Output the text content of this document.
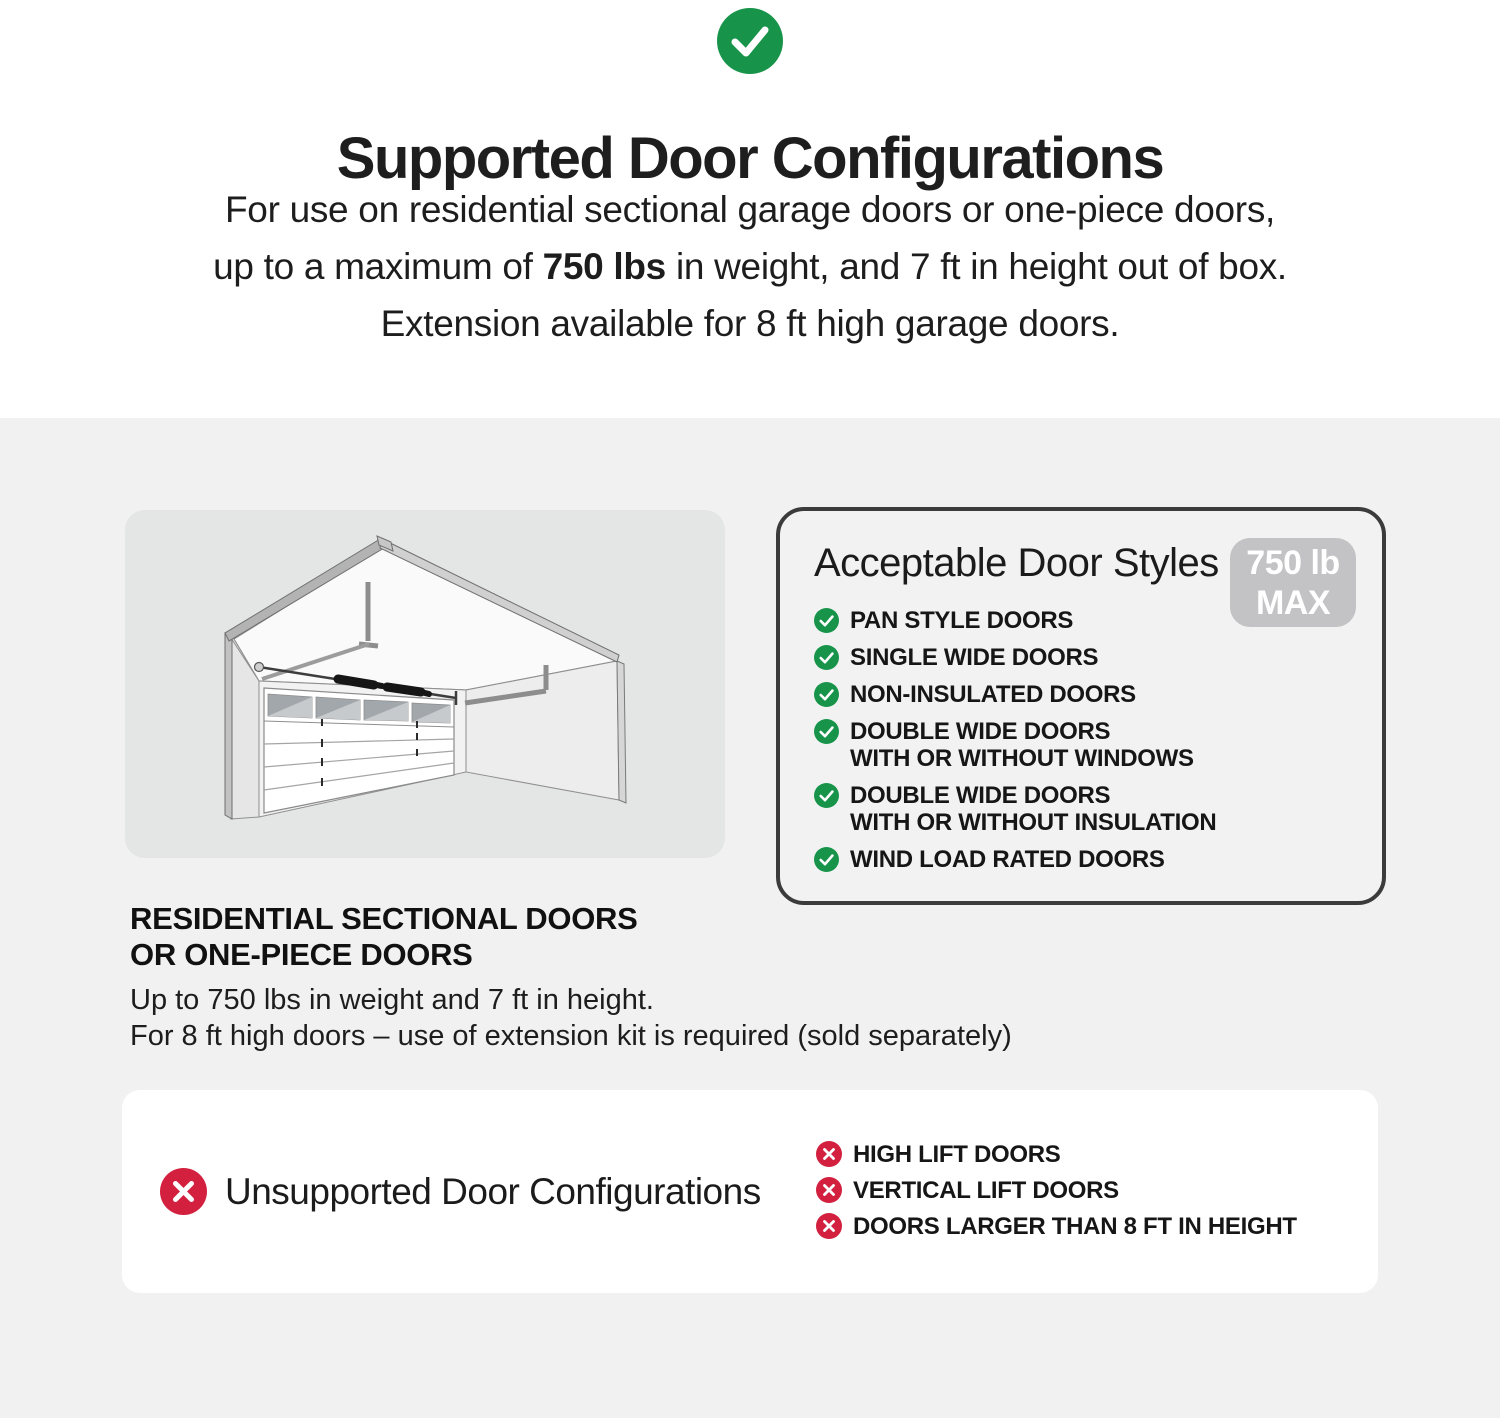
Supported Door Configurations
For use on residential sectional garage doors or one-piece doors,
up to a maximum of 750 lbs in weight, and 7 ft in height out of box.
Extension available for 8 ft high garage doors.
Acceptable Door Styles 750 lb
MAX
PAN STYLE DOORS
SINGLE WIDE DOORS
NON-INSULATED DOORS
DOUBLE WIDE DOORS
WITH OR WITHOUT WINDOWS
DOUBLE WIDE DOORS
WITH OR WITHOUT INSULATION
WIND LOAD RATED DOORS
RESIDENTIAL SECTIONAL DOORS
OR ONE-PIECE DOORS
Up to 750 lbs in weight and 7 ft in height.
For 8 ft high doors – use of extension kit is required (sold separately)
Unsupported Door Configurations
HIGH LIFT DOORS
VERTICAL LIFT DOORS
DOORS LARGER THAN 8 FT IN HEIGHT
